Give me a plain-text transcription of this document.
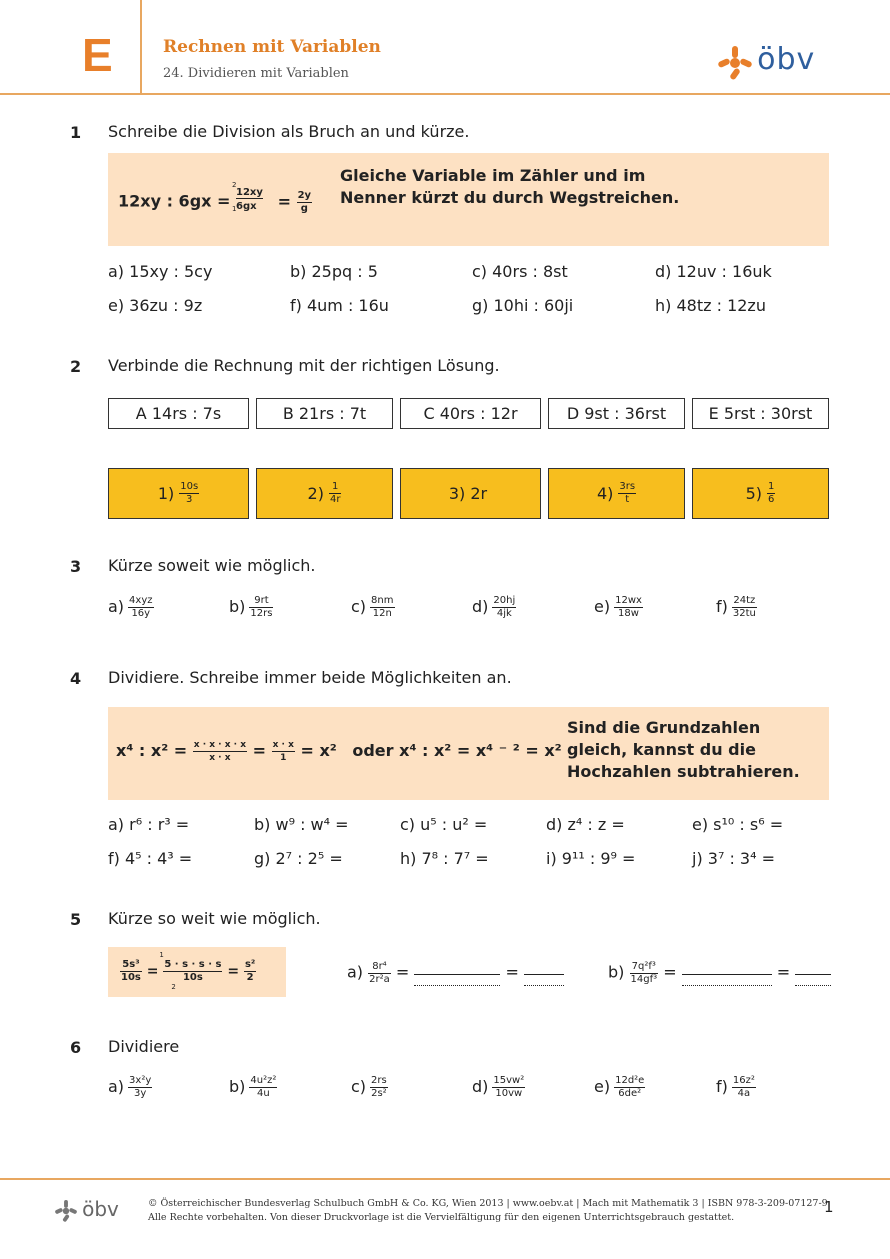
E	Rechnen mit Variablen
24. Dividieren mit Variablen	öbv
1 Schreibe die Division als Bruch an und kürze.
12xy : 6gx =
2
12xy
1 $6gx = \frac{2y}{g}$
Gleiche Variable im Zähler und im Nenner kürzt du durch Wegstreichen.
a) 15xy : 5cy	b) 25pq : 5	c) 40rs : 8st	d) 12uv : 16uk
e) 36zu : 9z	f) 4um : 16u	g) 10hi : 60ji	h) 48tz : 12zu
2 Verbinde die Rechnung mit der richtigen Lösung.
A 14rs : 7s	B 21rs : 7t	C 40rs : 12r	D 9st : 36rst	E 5rst : 30rst
$1) \frac{10s}{3}$	$2) \frac{1}{4r}$	3) 2r	$4) \frac{3rs}{t}$	$5) \frac{1}{6}$
3 Kürze soweit wie möglich.
$a) \frac{\text{4xyz}}{16y}$	$b) \frac{9rt}{12rs}$	$c) \frac{8nm}{12n}$	$d) \frac{20hj}{4jk}$	$e) \frac{12wx}{18w}$	$f) \frac{24tz}{32tu}$
4 Dividiere. Schreibe immer beide Möglichkeiten an.
x⁴ : $x^2 = \frac{x \cdot x \cdot x \cdot x}{x \cdot x} = \frac{x \cdot x}{1} = x^2$ oder x⁴ : x² = x⁴ ⁻ ² = x²
Sind die Grundzahlen gleich, kannst du die Hochzahlen subtrahieren.
a) r⁶ : r³ =	b) w⁹ : w⁴ =	c) u⁵ : u² =	d) z⁴ : z =	e) s¹⁰ : s⁶ =
f) 4⁵ : 4³ =	g) 2⁷ : 2⁵ =	h) 7⁸ : 7⁷ =	i) 9¹¹ : 9⁹ =	j) 3⁷ : 3⁴ =
5 Kürze so weit wie möglich.
$\frac{\text{5s³}}{10s}$ =
1
$\frac{5 \cdot s \cdot s \cdot s}{10s}$
2
= $\frac{\text{s²}}{2}$	$a) \frac{\text{8r⁴}}{\text{2r²a}}$ =	=	$b) \frac{\text{7q²f³}}{\text{14gf³}}$ =	=
6 Dividiere
$a) \frac{\text{3x²y}}{3y}$	$b) \frac{\text{4u²z²}}{4u}$	$c) \frac{2rs}{\text{2s²}}$	$d) \frac{\text{15vw²}}{10vw}$	$e) \frac{\text{12d²e}}{\text{6de²}}$	$f) \frac{\text{16z²}}{4a}$
öbv	© Österreichischer Bundesverlag Schulbuch GmbH & Co. KG, Wien 2013 | www.oebv.at | Mach mit Mathematik 3 | ISBN 978-3-209-07127-9
Alle Rechte vorbehalten. Von dieser Druckvorlage ist die Vervielfältigung für den eigenen Unterrichtsgebrauch gestattet.
1
